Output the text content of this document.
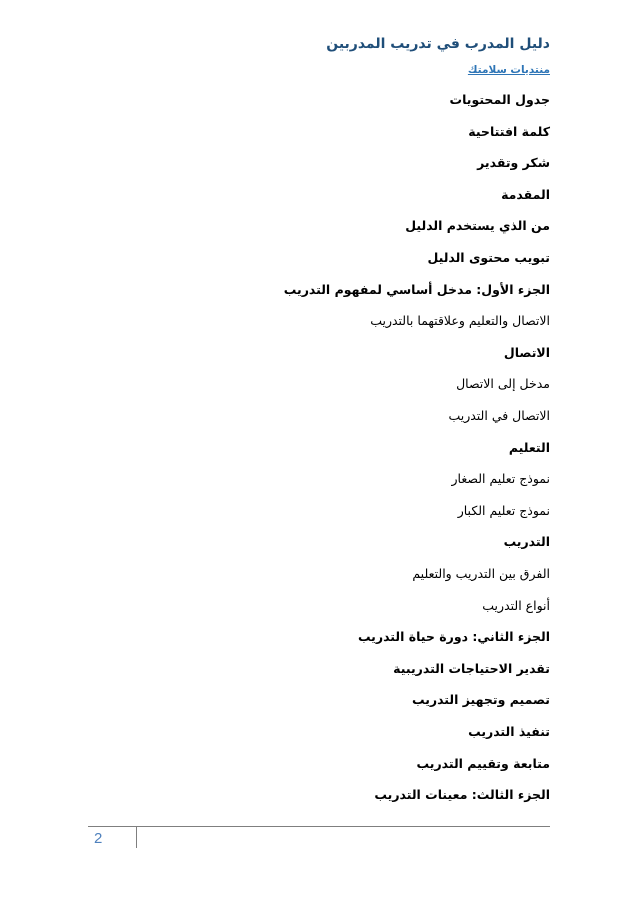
دليل المدرب في تدريب المدربين
منتديات سلامتك
جدول المحتويات
كلمة افتتاحية
شكر وتقدير
المقدمة
من الذي يستخدم الدليل
تبويب محتوى الدليل
الجزء الأول: مدخل أساسي لمفهوم التدريب
الاتصال والتعليم وعلاقتهما بالتدريب
الاتصال
مدخل إلى الاتصال
الاتصال في التدريب
التعليم
نموذج تعليم الصغار
نموذج تعليم الكبار
التدريب
الفرق بين التدريب والتعليم
أنواع التدريب
الجزء الثاني: دورة حياة التدريب
تقدير الاحتياجات التدريبية
تصميم وتجهيز التدريب
تنفيذ التدريب
متابعة وتقييم التدريب
الجزء الثالث: معينات التدريب
2
